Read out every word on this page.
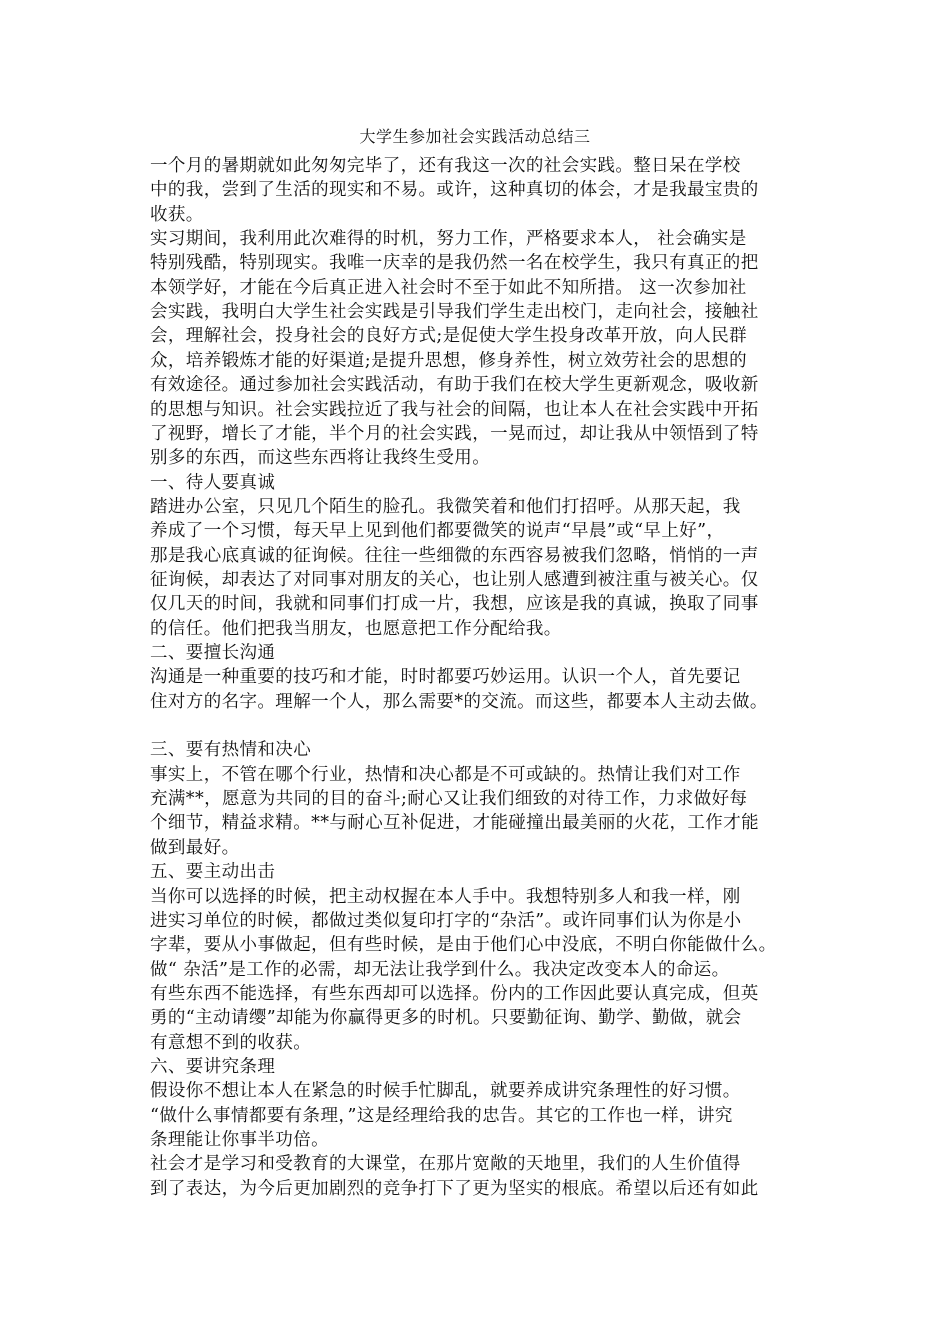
大学生参加社会实践活动总结三

一个月的暑期就如此匆匆完毕了，还有我这一次的社会实践。整日呆在学校

中的我，尝到了生活的现实和不易。或许，这种真切的体会，才是我最宝贵的

收获。

实习期间，我利用此次难得的时机，努力工作，严格要求本人， 社会确实是

特别残酷，特别现实。我唯一庆幸的是我仍然一名在校学生，我只有真正的把

本领学好，才能在今后真正进入社会时不至于如此不知所措。 这一次参加社

会实践，我明白大学生社会实践是引导我们学生走出校门，走向社会，接触社

会，理解社会，投身社会的良好方式;是促使大学生投身改革开放，向人民群

众，培养锻炼才能的好渠道;是提升思想，修身养性，树立效劳社会的思想的

有效途径。通过参加社会实践活动，有助于我们在校大学生更新观念，吸收新

的思想与知识。社会实践拉近了我与社会的间隔，也让本人在社会实践中开拓

了视野，增长了才能，半个月的社会实践，一晃而过，却让我从中领悟到了特

别多的东西，而这些东西将让我终生受用。

一、待人要真诚

踏进办公室，只见几个陌生的脸孔。我微笑着和他们打招呼。从那天起，我

养成了一个习惯，每天早上见到他们都要微笑的说声“早晨”或“早上好”，

那是我心底真诚的征询候。往往一些细微的东西容易被我们忽略，悄悄的一声

征询候，却表达了对同事对朋友的关心，也让别人感遭到被注重与被关心。仅

仅几天的时间，我就和同事们打成一片，我想，应该是我的真诚，换取了同事

的信任。他们把我当朋友，也愿意把工作分配给我。

二、要擅长沟通

沟通是一种重要的技巧和才能，时时都要巧妙运用。认识一个人，首先要记

住对方的名字。理解一个人，那么需要*的交流。而这些，都要本人主动去做。

三、要有热情和决心

事实上，不管在哪个行业，热情和决心都是不可或缺的。热情让我们对工作

充满**，愿意为共同的目的奋斗;耐心又让我们细致的对待工作，力求做好每

个细节，精益求精。**与耐心互补促进，才能碰撞出最美丽的火花，工作才能

做到最好。

五、要主动出击

当你可以选择的时候，把主动权握在本人手中。我想特别多人和我一样，刚

进实习单位的时候，都做过类似复印打字的“杂活”。或许同事们认为你是小

字辈，要从小事做起，但有些时候，是由于他们心中没底，不明白你能做什么。

做“ 杂活”是工作的必需，却无法让我学到什么。我决定改变本人的命运。

有些东西不能选择，有些东西却可以选择。份内的工作因此要认真完成，但英

勇的“主动请缨”却能为你赢得更多的时机。只要勤征询、勤学、勤做，就会

有意想不到的收获。

六、要讲究条理

假设你不想让本人在紧急的时候手忙脚乱，就要养成讲究条理性的好习惯。

“做什么事情都要有条理，”这是经理给我的忠告。其它的工作也一样，讲究

条理能让你事半功倍。

社会才是学习和受教育的大课堂，在那片宽敞的天地里，我们的人生价值得

到了表达，为今后更加剧烈的竞争打下了更为坚实的根底。希望以后还有如此
